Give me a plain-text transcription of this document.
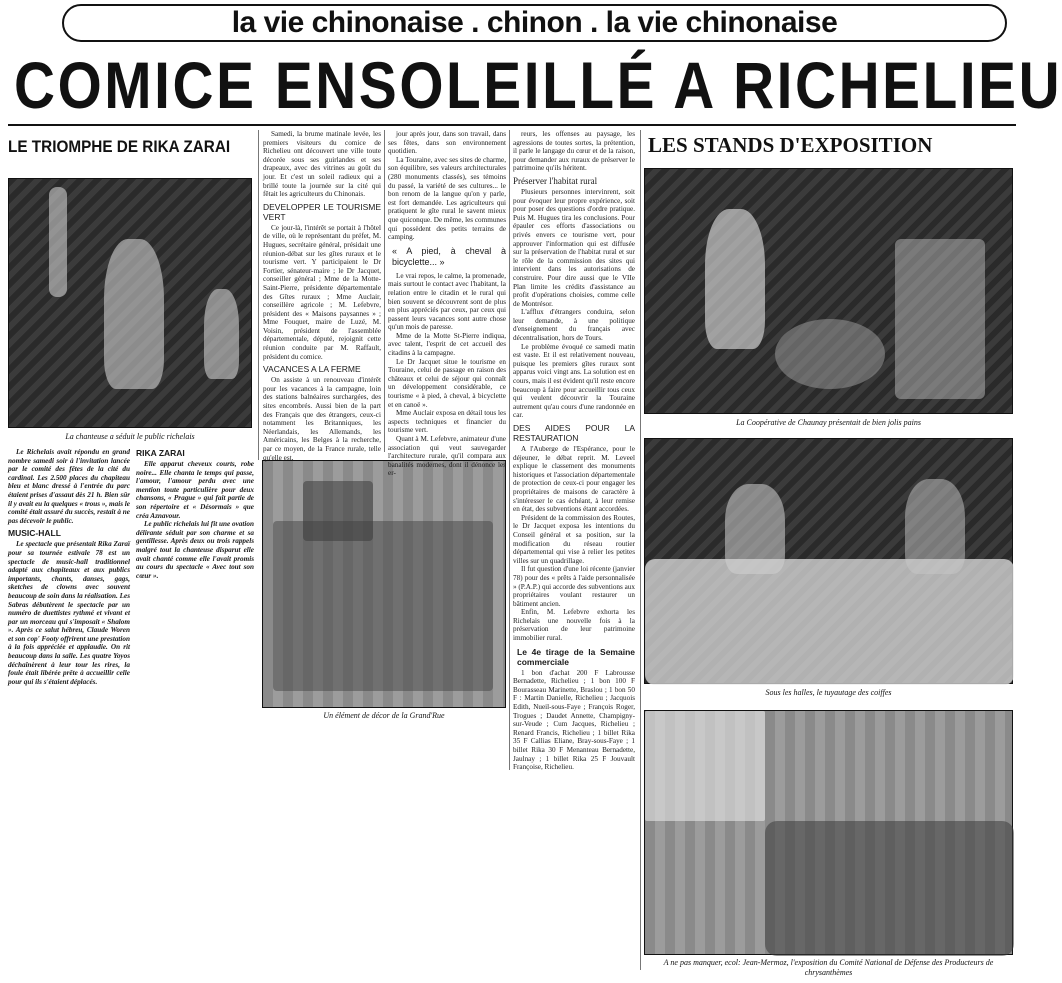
la vie chinonaise . chinon . la vie chinonaise
COMICE ENSOLEILLÉ A RICHELIEU
LE TRIOMPHE DE RIKA ZARAI	LES STANDS D'EXPOSITION
La chanteuse a séduit le public richelais

Le Richelais avait répondu en grand nombre samedi soir à l'invitation lancée par le comité des fêtes de la cité du cardinal. Les 2.500 places du chapiteau bleu et blanc dressé à l'entrée du parc étaient prises d'assaut dès 21 h. Bien sûr il y avait eu la quelques « trous », mais le comité était assuré du succès, restait à ne pas décevoir le public.

MUSIC-HALL

Le spectacle que présentait Rika Zaraï pour sa tournée estivale 78 est un spectacle de music-hall traditionnel adapté aux chapiteaux et aux publics importants, chants, danses, gags, sketches de clowns avec souvent beaucoup de soin dans la réalisation. Les Sabras débutèrent le spectacle par un numéro de duettistes rythmé et vivant et par un morceau qui s'imposait « Shalom ». Après ce salut hébreu, Claude Woren et son cop' Footy offrirent une prestation à la fois appréciée et applaudie. On rit beaucoup dans la salle. Les quatre Yoyos déchaînèrent à leur tour les rires, la foule était libérée prête à accueillir celle pour qui ils s'étaient déplacés.

RIKA ZARAI

Elle apparut cheveux courts, robe noire... Elle chanta le temps qui passe, l'amour, l'amour perdu avec une mention toute particulière pour deux chansons, « Prague » qui fait partie de son répertoire et « Désormais » que créa Aznavour.

Le public richelais lui fit une ovation délirante séduit par son charme et sa gentillesse. Après deux ou trois rappels malgré tout la chanteuse disparut elle avait chanté comme elle l'avait promis au cours du spectacle « Avec tout son cœur ».

Un élément de décor de la Grand'Rue

Samedi, la brume matinale levée, les premiers visiteurs du comice de Richelieu ont découvert une ville toute décorée sous ses guirlandes et ses drapeaux, avec des vitrines au goût du jour. Et c'est un soleil radieux qui a brillé toute la journée sur la cité qui fêtait les agriculteurs du Chinonais.

DEVELOPPER LE TOURISME VERT

Ce jour-là, l'intérêt se portait à l'hôtel de ville, où le représentant du préfet, M. Hugues, secrétaire général, présidait une réunion-débat sur les gîtes ruraux et le tourisme vert. Y participaient le Dr Fortier, sénateur-maire ; le Dr Jacquet, conseiller général ; Mme de la Motte-Saint-Pierre, présidente départementale des Gîtes ruraux ; Mme Auclair, conseillère agricole ; M. Lefebvre, président des « Maisons paysannes » ; Mme Fouquet, maire de Luzé, M. Voisin, président de l'assemblée départementale, député, rejoignit cette réunion conduite par M. Raffault, président du comice.

VACANCES A LA FERME

On assiste à un renouveau d'intérêt pour les vacances à la campagne, loin des stations balnéaires surchargées, des sites encombrés. Aussi bien de la part des Français que des étrangers, ceux-ci notamment les Britanniques, les Néerlandais, les Allemands, les Américains, les Belges à la recherche, par ce moyen, de la France rurale, telle qu'elle est,

jour après jour, dans son travail, dans ses fêtes, dans son environnement quotidien.

La Touraine, avec ses sites de charme, son équilibre, ses valeurs architecturales (280 monuments classés), ses témoins du passé, la variété de ses cultures... le bon renom de la langue qu'on y parle, est fort demandée. Les agriculteurs qui pratiquent le gîte rural le savent mieux que quiconque. De même, les communes qui possèdent des petits terrains de camping.

« A pied, à cheval à bicyclette... »

Le vrai repos, le calme, la promenade, mais surtout le contact avec l'habitant, la relation entre le citadin et le rural qui bien souvent se découvrent sont de plus en plus appréciés par ceux, par ceux qui passent leurs vacances sont autre chose qu'un mois de paresse.

Mme de la Motte St-Pierre indiqua, avec talent, l'esprit de cet accueil des citadins à la campagne.

Le Dr Jacquet situe le tourisme en Touraine, celui de passage en raison des châteaux et celui de séjour qui connaît un développement considérable, ce tourisme « à pied, à cheval, à bicyclette et en canoë ».

Mme Auclair exposa en détail tous les aspects techniques et financier du tourisme vert.

Quant à M. Lefebvre, animateur d'une association qui veut sauvegarder l'architecture rurale, qu'il compara aux banalités modernes, dont il dénonce les er-

reurs, les offenses au paysage, les agressions de toutes sortes, la prétention, il parle le langage du cœur et de la raison, pour demander aux ruraux de préserver le patrimoine qu'ils héritent.

Préserver l'habitat rural

Plusieurs personnes intervinrent, soit pour évoquer leur propre expérience, soit pour poser des questions d'ordre pratique. Puis M. Hugues tira les conclusions. Pour épauler ces efforts d'associations ou privés envers ce tourisme vert, pour approuver l'information qui est diffusée sur la préservation de l'habitat rural et sur le rôle de la commission des sites qui intervient dans les autorisations de construire. Pour dire aussi que le VIIe Plan limite les crédits d'assistance au profit d'opérations choisies, comme celle de Montrésor.

L'afflux d'étrangers conduira, selon leur demande, à une politique d'enseignement du français avec décentralisation, hors de Tours.

Le problème évoqué ce samedi matin est vaste. Et il est relativement nouveau, puisque les premiers gîtes ruraux sont apparus voici vingt ans. La solution est en cours, mais il est évident qu'il reste encore beaucoup à faire pour accueillir tous ceux qui veulent découvrir la Touraine autrement qu'au cours d'une randonnée en car.

DES AIDES POUR LA RESTAURATION

A l'Auberge de l'Espérance, pour le déjeuner, le débat reprit. M. Leveel explique le classement des monuments historiques et l'association départementale de protection de ceux-ci pour engager les propriétaires de maisons de caractère à s'intéresser le cas échéant, à leur remise en état, des subventions étant accordées.

Président de la commission des Routes, le Dr Jacquet exposa les intentions du Conseil général et sa position, sur la modification du réseau routier départemental qui vise à relier les petites villes sur un quadrillage.

Il fut question d'une loi récente (janvier 78) pour des « prêts à l'aide personnalisée » (P.A.P.) qui accorde des subventions aux propriétaires voulant restaurer un bâtiment ancien.

Enfin, M. Lefebvre exhorta les Richelais une nouvelle fois à la préservation de leur patrimoine immobilier rural.

Le 4e tirage de la Semaine commerciale

1 bon d'achat 200 F Labrousse Bernadette, Richelieu ; 1 bon 100 F Bourasseau Marinette, Braslou ; 1 bon 50 F : Martin Danielle, Richelieu ; Jacquois Edith, Nueil-sous-Faye ; François Roger, Trogues ; Daudet Annette, Champigny-sur-Veude ; Cum Jacques, Richelieu ; Renard Francis, Richelieu ; 1 billet Rika 35 F Callias Eliane, Bray-sous-Faye ; 1 billet Rika 30 F Menanteau Bernadette, Jaulnay ; 1 billet Rika 25 F Jouvault Françoise, Richelieu.

La Coopérative de Chaunay présentait de bien jolis pains
Sous les halles, le tuyautage des coiffes
A ne pas manquer, ecol: Jean-Mermoz, l'exposition du Comité National de Défense des Producteurs de chrysanthèmes
